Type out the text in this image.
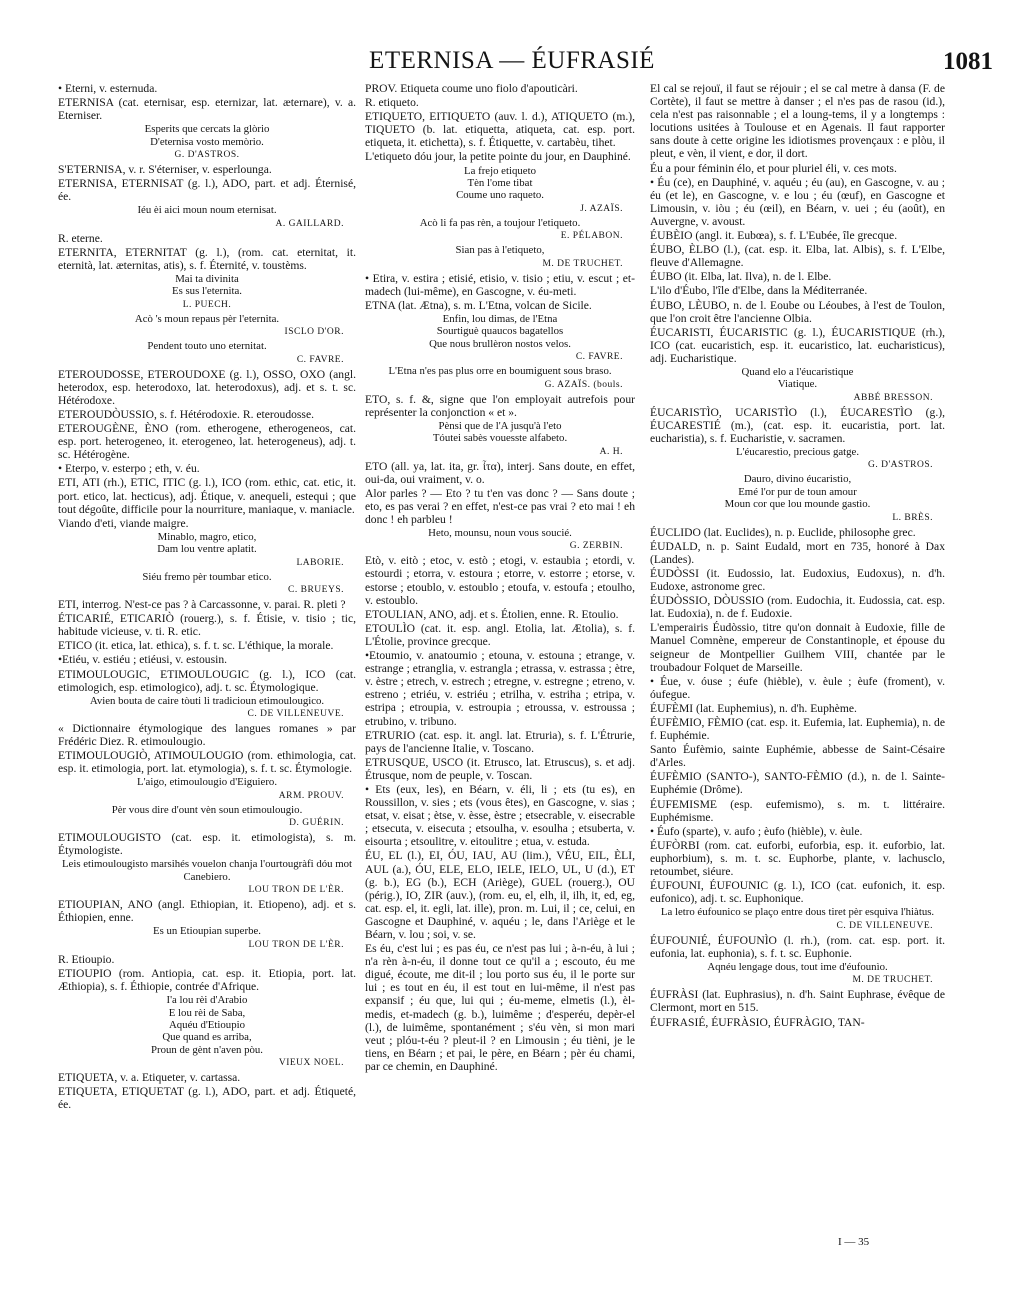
ETERNISA — ÉUFRASIÉ	1081

• Eterni, v. esternuda.

ETERNISA (cat. eternisar, esp. eternizar, lat. æternare), v. a. Eterniser.

Esperits que cercats la glòrio
D'eternisa vosto memòrio.

G. D'ASTROS.

S'ETERNISA, v. r. S'éterniser, v. esperlounga.

ETERNISA, ETERNISAT (g. l.), ADO, part. et adj. Éternisé, ée.

Iéu èi aici moun noum eternisat.

A. GAILLARD.

R. eterne.

ETERNITA, ETERNITAT (g. l.), (rom. cat. eternitat, it. eternità, lat. æternitas, atis), s. f. Éternité, v. toustèms.

Mai ta divinita
Es sus l'eternita.

L. PUECH.

Acò 's moun repaus pèr l'eternita.

ISCLO D'OR.

Pendent touto uno eternitat.

C. FAVRE.

ETEROUDOSSE, ETEROUDOXE (g. l.), OSSO, OXO (angl. heterodox, esp. heterodoxo, lat. heterodoxus), adj. et s. t. sc. Hétérodoxe.

ETEROUDÒUSSIO, s. f. Hétérodoxie. R. eteroudosse.

ETEROUGÈNE, ÈNO (rom. etherogene, etherogeneos, cat. esp. port. heterogeneo, it. eterogeneo, lat. heterogeneus), adj. t. sc. Hétérogène.

• Eterpo, v. esterpo ; eth, v. éu.

ETI, ATI (rh.), ETIC, ITIC (g. l.), ICO (rom. ethic, cat. etic, it. port. etico, lat. hecticus), adj. Étique, v. anequeli, estequi ; que tout dégoûte, difficile pour la nourriture, maniaque, v. maniacle.

Viando d'eti, viande maigre.

Minablo, magro, etico,
Dam lou ventre aplatit.

LABORIE.

Siéu fremo pèr toumbar etico.

C. BRUEYS.

ETI, interrog. N'est-ce pas ? à Carcassonne, v. parai. R. pleti ?

ÉTICARIÉ, ETICARIÒ (rouerg.), s. f. Étisie, v. tisio ; tic, habitude vicieuse, v. ti. R. etic.

ETICO (it. etica, lat. ethica), s. f. t. sc. L'éthique, la morale.

•Etiéu, v. estiéu ; etiéusi, v. estousin.

ETIMOULOUGIC, ETIMOULOUGIC (g. l.), ICO (cat. etimologich, esp. etimologico), adj. t. sc. Étymologique.

Avien bouta de caire tòuti li tradicioun etimoulougico.

C. DE VILLENEUVE.

« Dictionnaire étymologique des langues romanes » par Frédéric Diez. R. etimoulougio.

ETIMOULOUGIÒ, ATIMOULOUGIO (rom. ethimologia, cat. esp. it. etimologia, port. lat. etymologia), s. f. t. sc. Étymologie.

L'aigo, etimoulougio d'Eiguiero.

ARM. PROUV.

Pèr vous dire d'ount vèn soun etimoulougio.

D. GUÉRIN.

ETIMOULOUGISTO (cat. esp. it. etimologista), s. m. Étymologiste.

Leis etimoulougisto marsihés vouelon chanja l'ourtougràfi dóu mot Canebiero.

LOU TRON DE L'ÈR.

ETIOUPIAN, ANO (angl. Ethiopian, it. Etiopeno), adj. et s. Éthiopien, enne.

Es un Etioupian superbe.

LOU TRON DE L'ÈR.

R. Etioupio.

ETIOUPIO (rom. Antiopia, cat. esp. it. Etiopia, port. lat. Æthiopia), s. f. Éthiopie, contrée d'Afrique.

I'a lou rèi d'Arabio
E lou rèi de Saba,
Aquéu d'Etioupio
Que quand es arriba,
Proun de gènt n'aven pòu.

VIEUX NOEL.

ETIQUETA, v. a. Etiqueter, v. cartassa.

ETIQUETA, ETIQUETAT (g. l.), ADO, part. et adj. Étiqueté, ée.

PROV. Etiqueta coume uno fiolo d'apouticàri.

R. etiqueto.

ETIQUETO, EITIQUETO (auv. l. d.), ATIQUETO (m.), TIQUETO (b. lat. etiquetta, atiqueta, cat. esp. port. etiqueta, it. etichetta), s. f. Étiquette, v. cartabèu, tihet.

L'etiqueto dóu jour, la petite pointe du jour, en Dauphiné.

La frejo etiqueto
Tèn l'ome tibat
Coume uno raqueto.

J. AZAÏS.

Acò li fa pas rèn, a toujour l'etiqueto.

E. PÉLABON.

Sian pas à l'etiqueto,

M. DE TRUCHET.

• Etira, v. estira ; etisié, etisio, v. tisio ; etiu, v. escut ; et-madech (lui-même), en Gascogne, v. éu-meti.

ETNA (lat. Ætna), s. m. L'Etna, volcan de Sicile.

Enfin, lou dimas, de l'Etna
Sourtiguè quaucos bagatellos
Que nous brullèron nostos velos.

C. FAVRE.

L'Etna n'es pas plus orre en boumiguent sous braso.

G. AZAÏS. (bouls.

ETO, s. f. &, signe que l'on employait autrefois pour représenter la conjonction « et ».

Pènsi que de l'A jusqu'à l'eto
Tóutei sabès vouesste alfabeto.

A. H.

ETO (all. ya, lat. ita, gr. ἶτα), interj. Sans doute, en effet, oui-da, oui vraiment, v. o.

Alor parles ? — Eto ? tu t'en vas donc ? — Sans doute ; eto, es pas verai ? en effet, n'est-ce pas vrai ? eto mai ! eh donc ! eh parbleu !

Heto, mounsu, noun vous soucié.

G. ZERBIN.

Etò, v. eitò ; etoc, v. estò ; etogi, v. estaubia ; etordi, v. estourdi ; etorra, v. estoura ; etorre, v. estorre ; etorse, v. estorse ; etoublo, v. estoublo ; etoufa, v. estoufa ; etoulho, v. estoublo.

ETOULIAN, ANO, adj. et s. Étolien, enne. R. Etoulio.

ETOULÌO (cat. it. esp. angl. Etolia, lat. Ætolia), s. f. L'Étolie, province grecque.

•Etoumio, v. anatoumio ; etouna, v. estouna ; etrange, v. estrange ; etranglia, v. estrangla ; etrassa, v. estrassa ; ètre, v. èstre ; etrech, v. estrech ; etregne, v. estregne ; etreno, v. estreno ; etriéu, v. estriéu ; etrilha, v. estriha ; etripa, v. estripa ; etroupia, v. estroupia ; etroussa, v. estroussa ; etrubino, v. tribuno.

ETRURIO (cat. esp. it. angl. lat. Etruria), s. f. L'Étrurie, pays de l'ancienne Italie, v. Toscano.

ETRUSQUE, USCO (it. Etrusco, lat. Etruscus), s. et adj. Étrusque, nom de peuple, v. Toscan.

• Ets (eux, les), en Béarn, v. éli, li ; ets (tu es), en Roussillon, v. sies ; ets (vous êtes), en Gascogne, v. sias ; etsat, v. eisat ; ètse, v. èsse, èstre ; etsecrable, v. eisecrable ; etsecuta, v. eisecuta ; etsoulha, v. esoulha ; etsuberta, v. eisourta ; etsoulitre, v. eitoulitre ; etua, v. estuda.

ÉU, EL (l.), EI, ÓU, IAU, AU (lim.), VÉU, EIL, ÈLI, AUL (a.), ÓU, ELE, ELO, IELE, IELO, UL, U (d.), ET (g. b.), EG (b.), ECH (Ariège), GUEL (rouerg.), OU (périg.), IO, ZIR (auv.), (rom. eu, el, elh, il, ilh, it, ed, eg, cat. esp. el, it. egli, lat. ille), pron. m. Lui, il ; ce, celui, en Gascogne et Dauphiné, v. aquéu ; le, dans l'Ariège et le Béarn, v. lou ; soi, v. se.

Es éu, c'est lui ; es pas éu, ce n'est pas lui ; à-n-éu, à lui ; n'a rèn à-n-éu, il donne tout ce qu'il a ; escouto, éu me digué, écoute, me dit-il ; lou porto sus éu, il le porte sur lui ; es tout en éu, il est tout en lui-même, il n'est pas expansif ; éu que, lui qui ; éu-meme, elmetis (l.), èl-medis, et-madech (g. b.), luimême ; d'esperéu, depèr-el (l.), de luimême, spontanément ; s'éu vèn, si mon mari veut ; plóu-t-éu ? pleut-il ? en Limousin ; éu tièni, je le tiens, en Béarn ; et pai, le père, en Béarn ; pèr éu chami, par ce chemin, en Dauphiné.

El cal se rejouï, il faut se réjouir ; el se cal metre à dansa (F. de Cortète), il faut se mettre à danser ; el n'es pas de rasou (id.), cela n'est pas raisonnable ; el a loung-tems, il y a longtemps : locutions usitées à Toulouse et en Agenais. Il faut rapporter sans doute à cette origine les idiotismes provençaux : e plòu, il pleut, e vèn, il vient, e dor, il dort.

Éu a pour féminin élo, et pour pluriel éli, v. ces mots.

• Éu (ce), en Dauphiné, v. aquéu ; éu (au), en Gascogne, v. au ; éu (et le), en Gascogne, v. e lou ; éu (œuf), en Gascogne et Limousin, v. iòu ; éu (œil), en Béarn, v. uei ; éu (août), en Auvergne, v. avoust.

ÉUBÈIO (angl. it. Eubœa), s. f. L'Eubée, île grecque.

ÉUBO, ÈLBO (l.), (cat. esp. it. Elba, lat. Albis), s. f. L'Elbe, fleuve d'Allemagne.

ÉUBO (it. Elba, lat. Ilva), n. de l. Elbe.

L'ilo d'Éubo, l'île d'Elbe, dans la Méditerranée.

ÉUBO, LÈUBO, n. de l. Eoube ou Léoubes, à l'est de Toulon, que l'on croit être l'ancienne Olbia.

ÉUCARISTI, ÉUCARISTIC (g. l.), ÉUCARISTIQUE (rh.), ICO (cat. eucaristich, esp. it. eucaristico, lat. eucharisticus), adj. Eucharistique.

Quand elo a l'éucaristique
Viatique.

ABBÉ BRESSON.

ÉUCARISTÌO, UCARISTÌO (l.), ÉUCARESTÌO (g.), ÉUCARESTIÉ (m.), (cat. esp. it. eucaristia, port. lat. eucharistia), s. f. Eucharistie, v. sacramen.

L'éucarestìo, precious gatge.

G. D'ASTROS.

Dauro, divino éucaristìo,
Emé l'or pur de toun amour
Moun cor que lou mounde gastìo.

L. BRÈS.

ÉUCLIDO (lat. Euclides), n. p. Euclide, philosophe grec.

ÉUDALD, n. p. Saint Eudald, mort en 735, honoré à Dax (Landes).

ÉUDÒSSI (it. Eudossio, lat. Eudoxius, Eudoxus), n. d'h. Eudoxe, astronome grec.

ÉUDÒSSIO, DÒUSSIO (rom. Eudochia, it. Eudossia, cat. esp. lat. Eudoxia), n. de f. Eudoxie.

L'emperairis Éudòssio, titre qu'on donnait à Eudoxie, fille de Manuel Comnène, empereur de Constantinople, et épouse du seigneur de Montpellier Guilhem VIII, chantée par le troubadour Folquet de Marseille.

• Éue, v. óuse ; éufe (hièble), v. èule ; èufe (froment), v. óufegue.

ÉUFÈMI (lat. Euphemius), n. d'h. Euphème.

ÉUFÈMIO, FÈMIO (cat. esp. it. Eufemia, lat. Euphemia), n. de f. Euphémie.

Santo Éufèmio, sainte Euphémie, abbesse de Saint-Césaire d'Arles.

ÉUFÈMIO (SANTO-), SANTO-FÈMIO (d.), n. de l. Sainte-Euphémie (Drôme).

ÉUFEMISME (esp. eufemismo), s. m. t. littéraire. Euphémisme.

• Éufo (sparte), v. aufo ; èufo (hièble), v. èule.

ÉUFÒRBI (rom. cat. euforbi, euforbia, esp. it. euforbio, lat. euphorbium), s. m. t. sc. Euphorbe, plante, v. lachusclo, retoumbet, siéure.

ÉUFOUNI, ÉUFOUNIC (g. l.), ICO (cat. eufonich, it. esp. eufonico), adj. t. sc. Euphonique.

La letro éufounico se plaço entre dous tiret pèr esquiva l'hiàtus.

C. DE VILLENEUVE.

ÉUFOUNIÉ, ÉUFOUNÌO (l. rh.), (rom. cat. esp. port. it. eufonia, lat. euphonia), s. f. t. sc. Euphonie.

Aqnéu lengage dous, tout ime d'éufounìo.

M. DE TRUCHET.

ÉUFRÀSI (lat. Euphrasius), n. d'h. Saint Euphrase, évêque de Clermont, mort en 515.

ÉUFRASIÉ, ÉUFRÀSIO, ÉUFRÀGIO, TAN-

I — 35
